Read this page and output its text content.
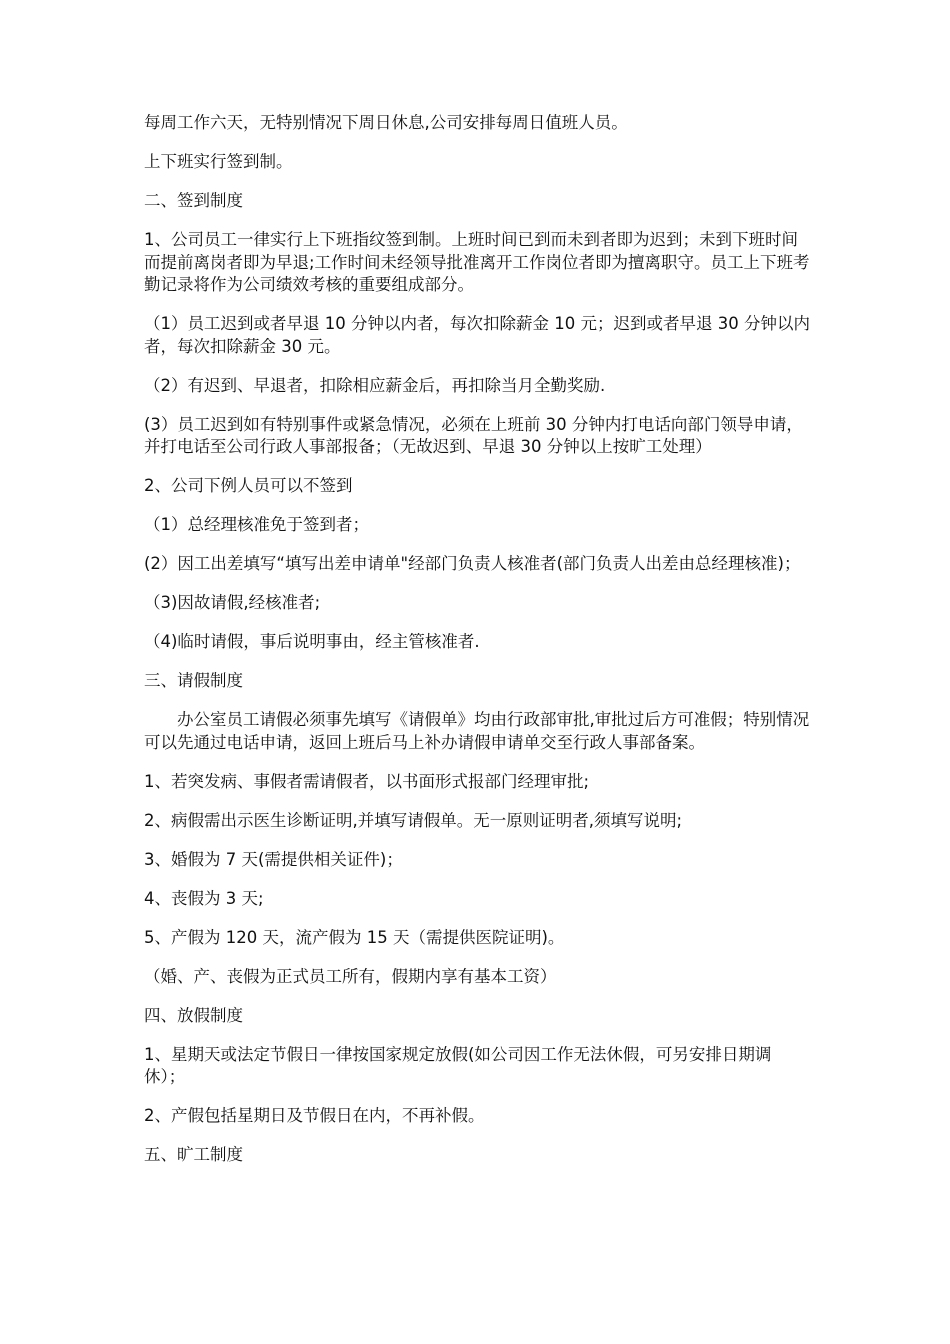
每周工作六天，无特别情况下周日休息,公司安排每周日值班人员。

上下班实行签到制。

二、签到制度

1、公司员工一律实行上下班指纹签到制。上班时间已到而未到者即为迟到；未到下班时间而提前离岗者即为早退;工作时间未经领导批准离开工作岗位者即为擅离职守。员工上下班考勤记录将作为公司绩效考核的重要组成部分。

（1）员工迟到或者早退 10 分钟以内者，每次扣除薪金 10 元；迟到或者早退 30 分钟以内者，每次扣除薪金 30 元。

（2）有迟到、早退者，扣除相应薪金后，再扣除当月全勤奖励.

(3）员工迟到如有特别事件或紧急情况，必须在上班前 30 分钟内打电话向部门领导申请，并打电话至公司行政人事部报备；（无故迟到、早退 30 分钟以上按旷工处理）

2、公司下例人员可以不签到

（1）总经理核准免于签到者；

(2）因工出差填写“填写出差申请单"经部门负责人核准者(部门负责人出差由总经理核准)；

（3)因故请假,经核准者;

（4)临时请假，事后说明事由，经主管核准者.

三、请假制度

办公室员工请假必须事先填写《请假单》均由行政部审批,审批过后方可准假；特别情况可以先通过电话申请，返回上班后马上补办请假申请单交至行政人事部备案。

1、若突发病、事假者需请假者，以书面形式报部门经理审批;

2、病假需出示医生诊断证明,并填写请假单。无一原则证明者,须填写说明;

3、婚假为 7 天(需提供相关证件)；

4、丧假为 3 天;

5、产假为 120 天，流产假为 15 天（需提供医院证明)。

（婚、产、丧假为正式员工所有，假期内享有基本工资）

四、放假制度

1、星期天或法定节假日一律按国家规定放假(如公司因工作无法休假，可另安排日期调休）；

2、产假包括星期日及节假日在内，不再补假。

五、旷工制度
